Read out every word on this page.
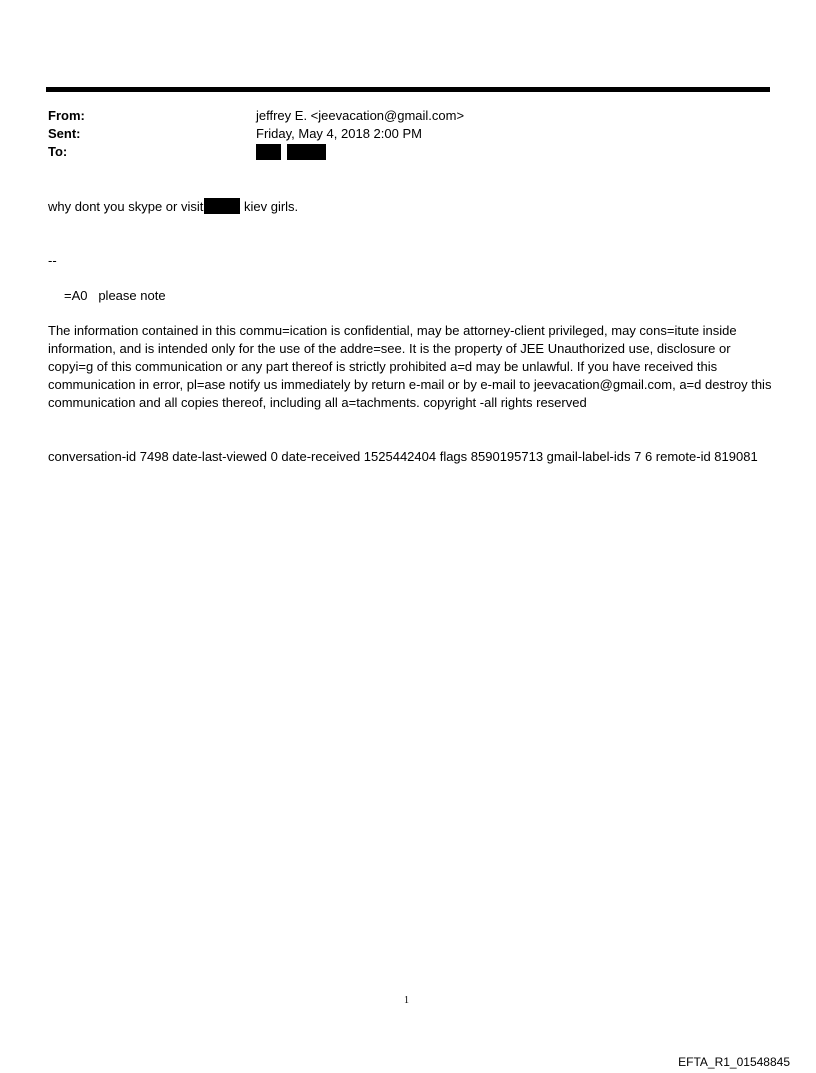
From:	jeffrey E. <jeevacation@gmail.com>
Sent:	Friday, May 4, 2018 2:00 PM
To:

why dont you skype or visit	kiev girls.
--
=A0   please note
The information contained in this commu=ication is confidential, may be attorney-client privileged, may cons=itute inside information, and is intended only for the use of the addre=see. It is the property of JEE Unauthorized use, disclosure or copyi=g of this communication or any part thereof is strictly prohibited a=d may be unlawful. If you have received this communication in error, pl=ase notify us immediately by return e-mail or by e-mail to jeevacation@gmail.com, a=d destroy this communication and all copies thereof, including all a=tachments. copyright -all rights reserved
conversation-id 7498 date-last-viewed 0 date-received 1525442404 flags 8590195713 gmail-label-ids 7 6 remote-id 819081
1
EFTA_R1_01548845
